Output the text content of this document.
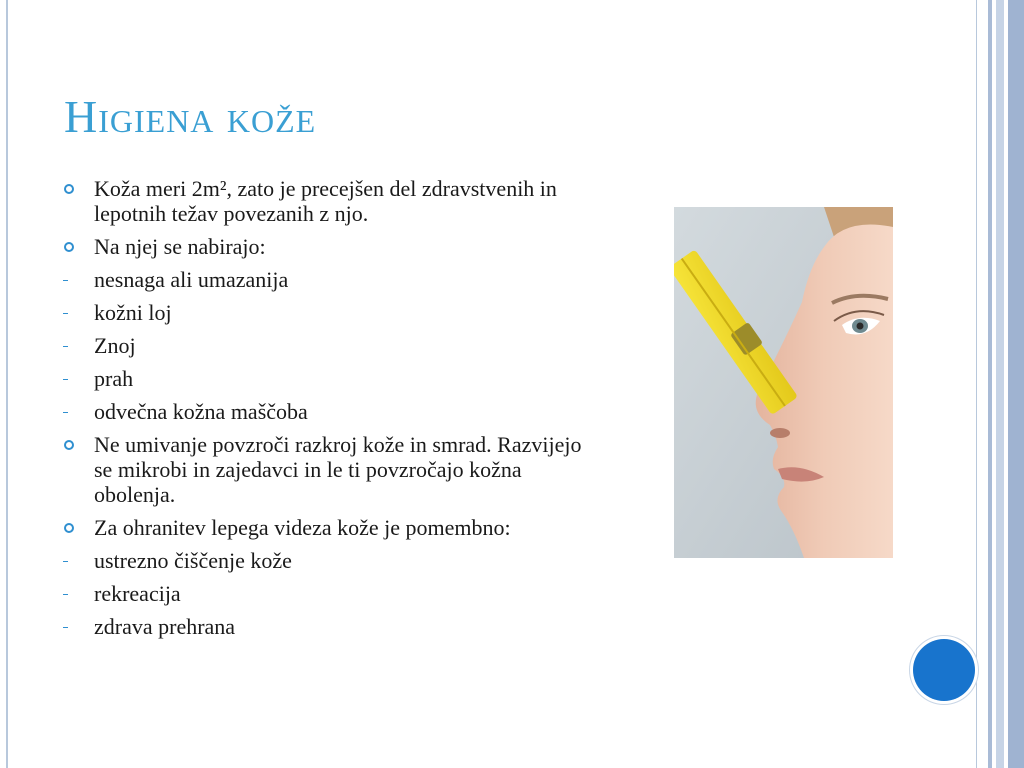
Higiena kože
Koža meri 2m², zato je precejšen del zdravstvenih in lepotnih težav povezanih z njo.
Na njej se nabirajo:
nesnaga ali umazanija
kožni loj
Znoj
prah
odvečna kožna maščoba
Ne umivanje povzroči razkroj kože in smrad. Razvijejo se mikrobi in zajedavci in le ti povzročajo kožna obolenja.
Za ohranitev lepega videza kože je pomembno:
ustrezno čiščenje kože
rekreacija
zdrava prehrana
